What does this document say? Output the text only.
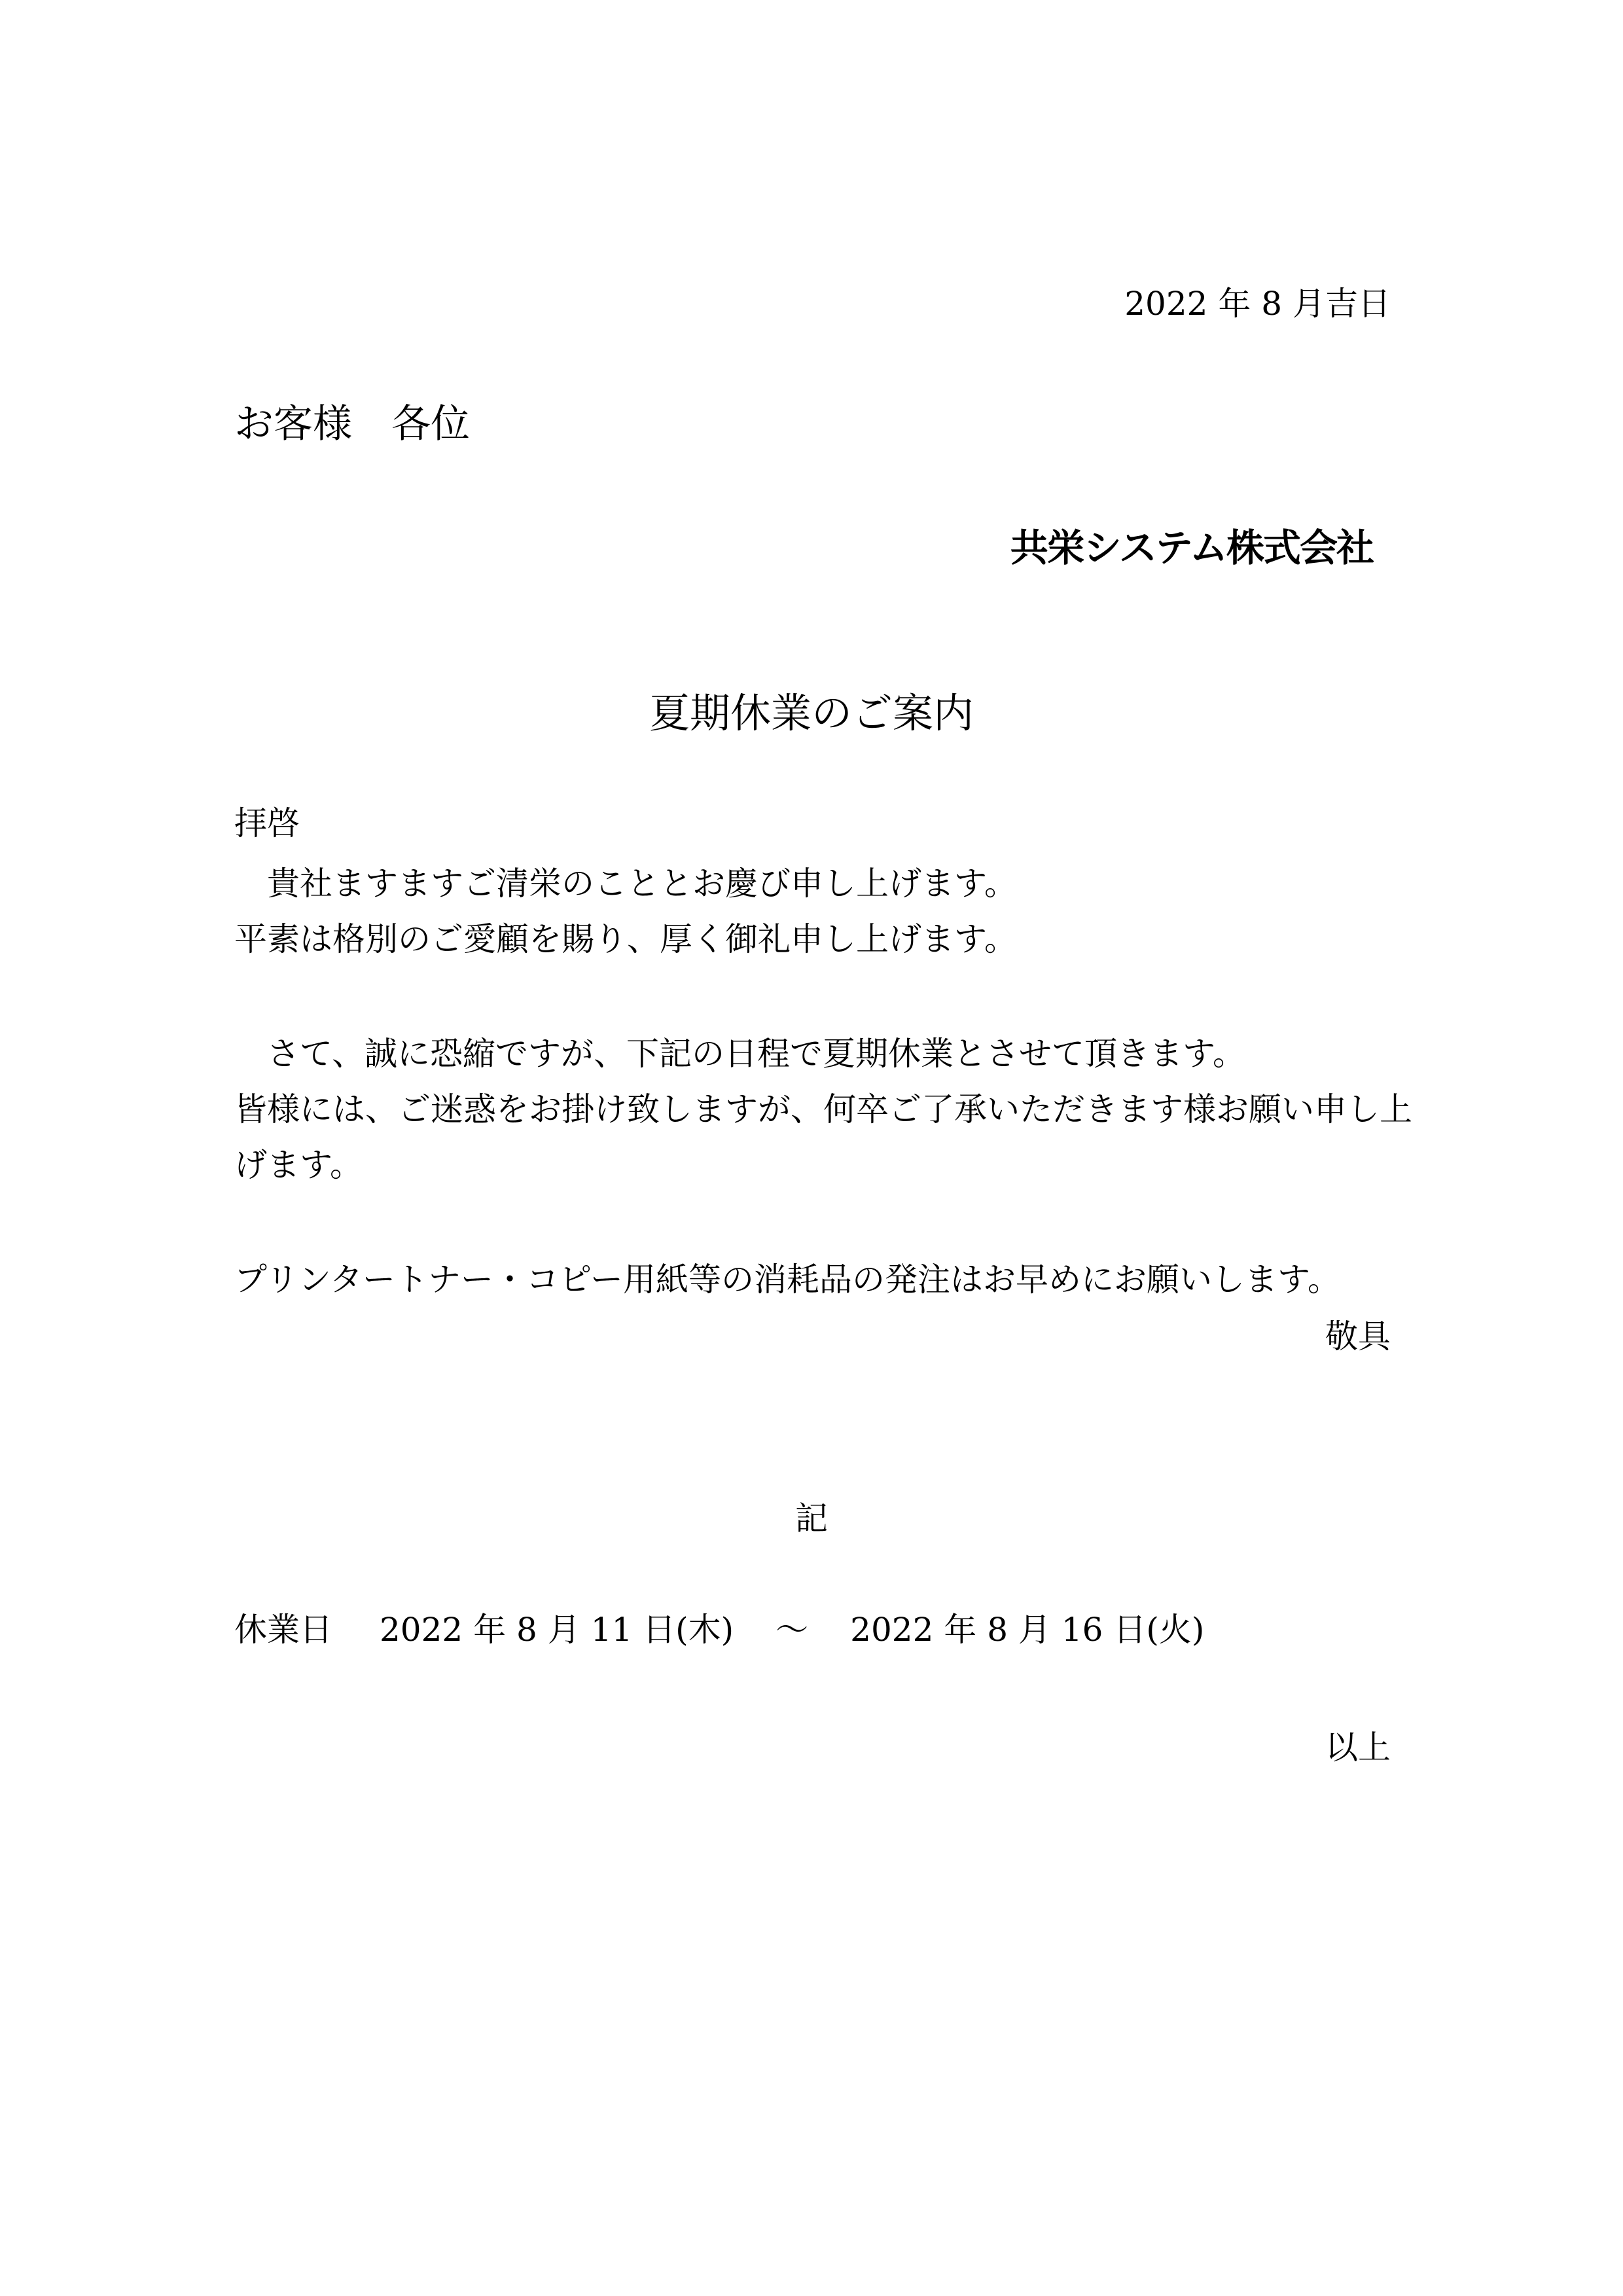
2022 年 8 月吉日
お客様　各位
共栄システム株式会社
夏期休業のご案内
拝啓
　貴社ますますご清栄のこととお慶び申し上げます。
平素は格別のご愛顧を賜り、厚く御礼申し上げます。
　さて、誠に恐縮ですが、下記の日程で夏期休業とさせて頂きます。
皆様には、ご迷惑をお掛け致しますが、何卒ご了承いただきます様お願い申し上
げます。
プリンタートナー・コピー用紙等の消耗品の発注はお早めにお願いします。
敬具
記
休業日 2022 年 8 月 11 日(木) ～ 2022 年 8 月 16 日(火)
以上
